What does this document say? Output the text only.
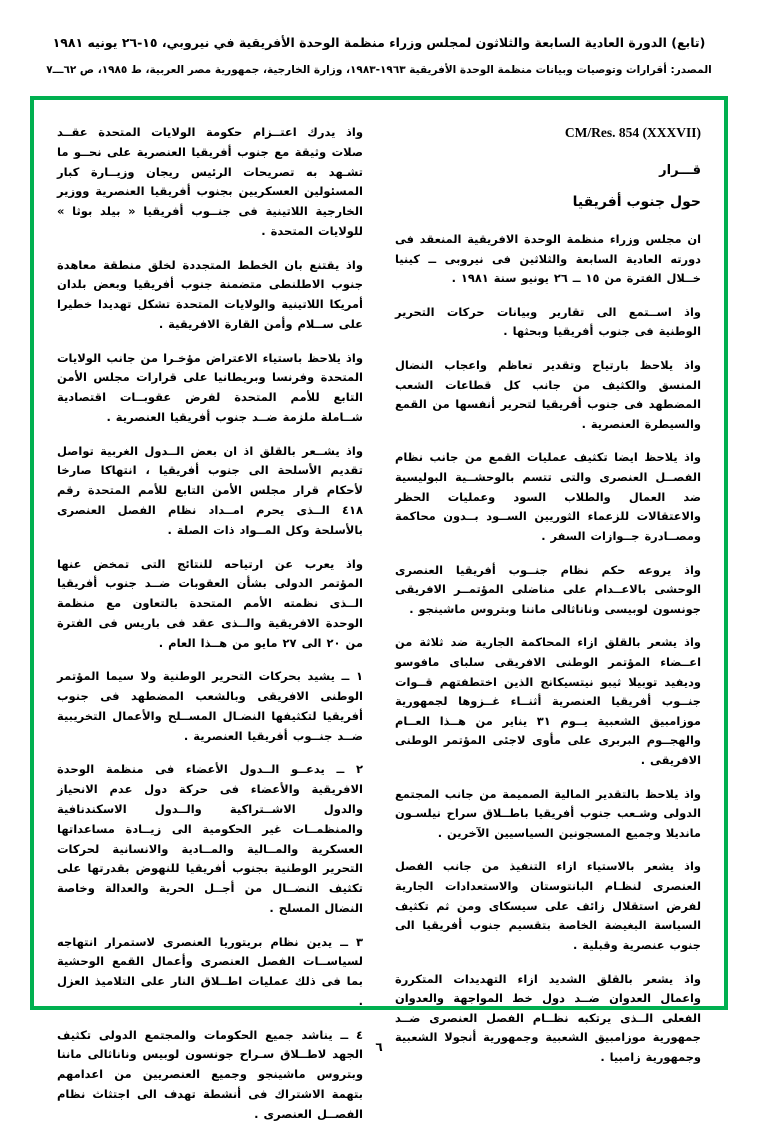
(تابع) الدورة العادية السابعة والثلاثون لمجلس وزراء منظمة الوحدة الأفريقية في نيروبي، ١٥-٢٦ يونيه ١٩٨١
المصدر: أقرارات وتوصيات وبيانات منظمة الوحدة الأفريقية ١٩٦٣-١٩٨٣، وزارة الخارجية، جمهورية مصر العربية، ط ١٩٨٥، ص ٦٢ـــ٧
CM/Res. 854 (XXXVII)
قـــرار
حول جنوب أفريقيا

ان مجلس وزراء منظمة الوحدة الافريقية المنعقد فى دورته العادية السابعة والثلاثين فى نيروبى ــ كينيا خــلال الفترة من ١٥ ــ ٢٦ يونيو سنة ١٩٨١ .

واذ اســتمع الى تقارير وبيانات حركات التحرير الوطنية فى جنوب أفريقيا وبحثها .

واذ يلاحظ بارتياح وتقدير تعاظم واعجاب النضال المنسق والكثيف من جانب كل قطاعات الشعب المضطهد فى جنوب أفريقيا لتحرير أنفسها من القمع والسيطرة العنصرية .

واذ يلاحظ ايضا تكثيف عمليات القمع من جانب نظام الفصــل العنصرى والتى تتسم بالوحشــية البوليسية ضد العمال والطلاب السود وعمليات الحظر والاعتقالات للزعماء الثوريين الســود بــدون محاكمة ومصــادرة جــوازات السفر .

واذ يروعه حكم نظام جنــوب أفريقيا العنصرى الوحشى بالاعــدام على مناضلى المؤتمــر الافريقى جونسون لوبيسى وناناثالى ماننا وبتروس ماشينجو .

واذ يشعر بالقلق ازاء المحاكمة الجارية ضد ثلاثة من اعــضاء المؤتمر الوطنى الافريقى سلباى مافوسو وديفيد توبيلا ثيبو نيتسيكانج الذين اختطفتهم قــوات جنــوب أفريقيا العنصرية أثنــاء غــزوها لجمهورية موزامبيق الشعبية يــوم ٣١ يناير من هــذا العــام والهجــوم البربرى على مأوى لاجئى المؤتمر الوطنى الافريقى .

واذ يلاحظ بالتقدير المالية الصميمة من جانب المجتمع الدولى وشـعب جنوب أفريقيا باطــلاق سراح نيلسـون مانديلا وجميع المسجونين السياسيين الآخرين .

واذ يشعر بالاستياء ازاء التنفيذ من جانب الفصل العنصرى لنظـام البانتوستان والاستعدادات الجارية لفرض استقلال زائف على سيسكاى ومن ثم تكثيف السياسة البغيضة الخاصة بتقسيم جنوب أفريقيا الى جنوب عنصرية وقبلية .

واذ يشعر بالقلق الشديد ازاء التهديدات المتكررة واعمال العدوان ضــد دول خط المواجهة والعدوان الفعلى الــذى يرتكبه نظــام الفصل العنصرى ضــد جمهورية موزامبيق الشعبية وجمهورية أنجولا الشعبية وجمهورية زامبيا .

واذ يدرك اعتــزام حكومة الولايات المتحدة عقــد صلات وثيقة مع جنوب أفريقيا العنصرية على نحــو ما تشـهد به تصريحات الرئيس ريجان وزيــارة كبار المسئولين العسكريين بجنوب أفريقيا العنصرية ووزير الخارجية اللاتينية فى جنــوب أفريقيا « بيلد بوثا » للولايات المتحدة .

واذ يقتنع بان الخطط المتجددة لخلق منطقة معاهدة جنوب الاطلنطى متضمنة جنوب أفريقيا وبعض بلدان أمريكا اللاتينية والولايات المتحدة تشكل تهديدا خطيرا على ســلام وأمن القارة الافريقية .

واذ يلاحظ باستياء الاعتراض مؤخـرا من جانب الولايات المتحدة وفرنسا وبريطانيا على قرارات مجلس الأمن التابع للأمم المتحدة لفرض عقوبــات اقتصادية شــاملة ملزمة ضــد جنوب أفريقيا العنصرية .

واذ يشــعر بالقلق اذ ان بعض الــدول الغربية تواصل تقديم الأسلحة الى جنوب أفريقيا ، انتهاكا صارخا لأحكام قرار مجلس الأمن التابع للأمم المتحدة رقم ٤١٨ الــذى يحرم امــداد نظام الفصل العنصرى بالأسلحة وكل المــواد ذات الصلة .

واذ يعرب عن ارتياحه للنتائج التى تمخض عنها المؤتمر الدولى بشأن العقوبات ضــد جنوب أفريقيا الــذى نظمته الأمم المتحدة بالتعاون مع منظمة الوحدة الافريقية والــذى عقد فى باريس فى الفترة من ٢٠ الى ٢٧ مايو من هــذا العام .

١ ــ يشيد بحركات التحرير الوطنية ولا سيما المؤتمر الوطنى الافريقى وبالشعب المضطهد فى جنوب أفريقيا لتكثيفها النضـال المســلح والأعمال التخريبية ضــد جنــوب أفريقيا العنصرية .

٢ ــ يدعــو الــدول الأعضاء فى منظمة الوحدة الافريقية والأعضاء فى حركة دول عدم الانحياز والدول الاشــتراكية والــدول الاسكندنافية والمنظمــات غير الحكومية الى زيــادة مساعداتها العسكرية والمــالية والمــادية والانسانية لحركات التحرير الوطنية بجنوب أفريقيا للنهوض بقدرتها على تكثيف النضــال من أجــل الحرية والعدالة وخاصة النضال المسلح .

٣ ــ يدين نظام بريتوريا العنصرى لاستمرار انتهاجه لسياســات الفصل العنصرى وأعمال القمع الوحشية بما فى ذلك عمليات اطــلاق النار على التلاميذ العزل .

٤ ــ يناشد جميع الحكومات والمجتمع الدولى تكثيف الجهد لاطــلاق سـراح جونسون لوبيس وناناثالى ماننا وبتروس ماشينجو وجميع العنصريين من اعدامهم بتهمة الاشتراك فى أنشطة تهدف الى اجتثاث نظام الفصــل العنصرى .

٦
